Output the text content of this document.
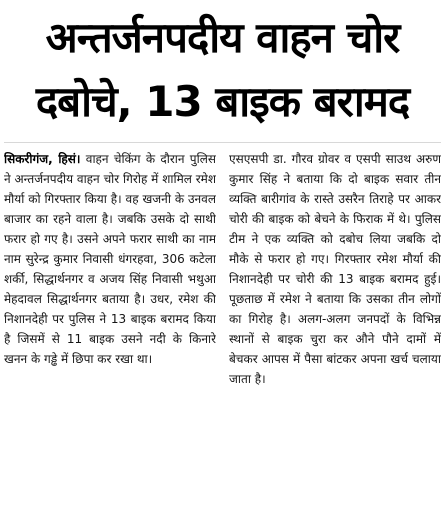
अन्तर्जनपदीय वाहन चोर
दबोचे, 13 बाइक बरामद

सिकरीगंज, हिसं। वाहन चेकिंग के दौरान पुलिस ने अन्तर्जनपदीय वाहन चोर गिरोह में शामिल रमेश मौर्या को गिरफ्तार किया है। वह खजनी के उनवल बाजार का रहने वाला है। जबकि उसके दो साथी फरार हो गए है। उसने अपने फरार साथी का नाम नाम सुरेन्द्र कुमार निवासी धंगरहवा, 306 कटेला शर्की, सिद्धार्थनगर व अजय सिंह निवासी भथुआ मेहदावल सिद्धार्थनगर बताया है। उधर, रमेश की निशानदेही पर पुलिस ने 13 बाइक बरामद किया है जिसमें से 11 बाइक उसने नदी के किनारे खनन के गड्ढे में छिपा कर रखा था।

एसएसपी डा. गौरव ग्रोवर व एसपी साउथ अरुण कुमार सिंह ने बताया कि दो बाइक सवार तीन व्यक्ति बारीगांव के रास्ते उसरैन तिराहे पर आकर चोरी की बाइक को बेचने के फिराक में थे। पुलिस टीम ने एक व्यक्ति को दबोच लिया जबकि दो मौके से फरार हो गए। गिरफ्तार रमेश मौर्या की निशानदेही पर चोरी की 13 बाइक बरामद हुई। पूछताछ में रमेश ने बताया कि उसका तीन लोगों का गिरोह है। अलग-अलग जनपदों के विभिन्न स्थानों से बाइक चुरा कर औने पौने दामों में बेचकर आपस में पैसा बांटकर अपना खर्च चलाया जाता है।
